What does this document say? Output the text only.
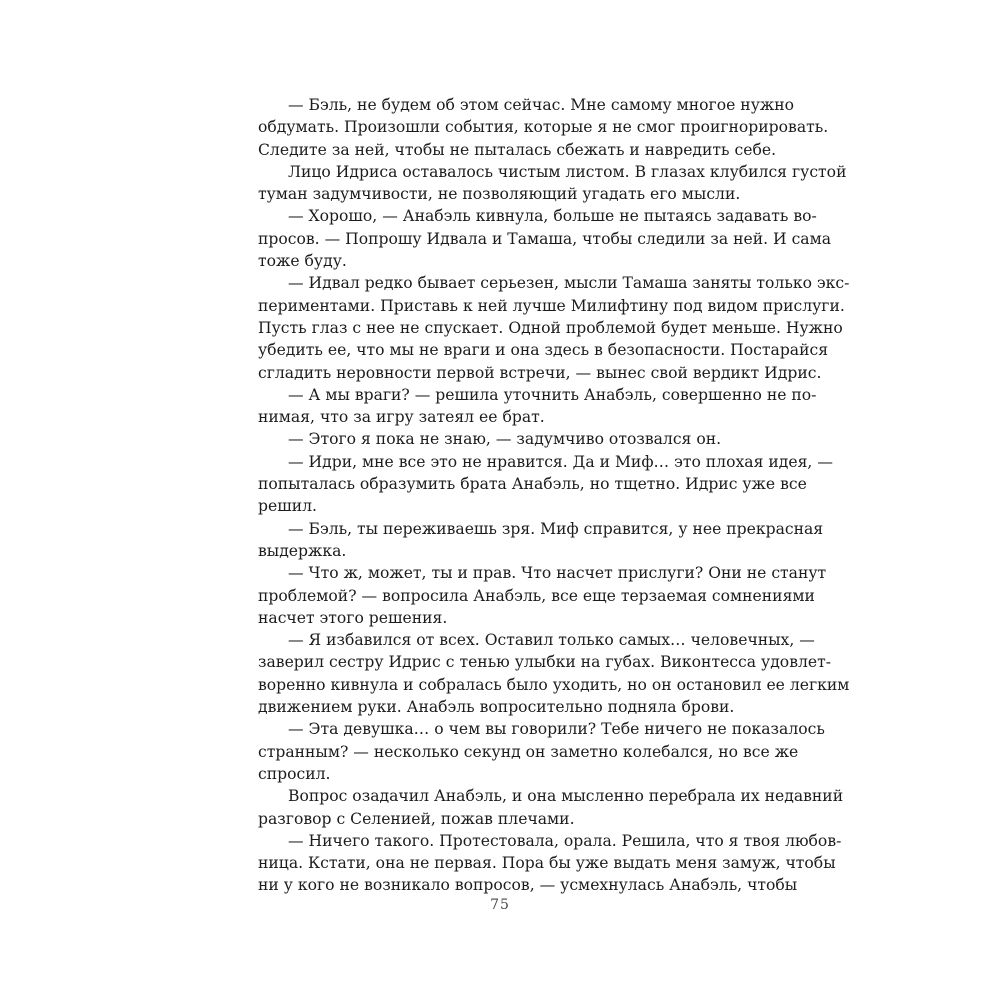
— Бэль, не будем об этом сейчас. Мне самому многое нужно
обдумать. Произошли события, которые я не смог проигнорировать.
Следите за ней, чтобы не пыталась сбежать и навредить себе.
Лицо Идриса оставалось чистым листом. В глазах клубился густой
туман задумчивости, не позволяющий угадать его мысли.
— Хорошо, — Анабэль кивнула, больше не пытаясь задавать во-
просов. — Попрошу Идвала и Тамаша, чтобы следили за ней. И сама
тоже буду.
— Идвал редко бывает серьезен, мысли Тамаша заняты только экс-
периментами. Приставь к ней лучше Милифтину под видом прислуги.
Пусть глаз с нее не спускает. Одной проблемой будет меньше. Нужно
убедить ее, что мы не враги и она здесь в безопасности. Постарайся
сгладить неровности первой встречи, — вынес свой вердикт Идрис.
— А мы враги? — решила уточнить Анабэль, совершенно не по-
нимая, что за игру затеял ее брат.
— Этого я пока не знаю, — задумчиво отозвался он.
— Идри, мне все это не нравится. Да и Миф… это плохая идея, —
попыталась образумить брата Анабэль, но тщетно. Идрис уже все
решил.
— Бэль, ты переживаешь зря. Миф справится, у нее прекрасная
выдержка.
— Что ж, может, ты и прав. Что насчет прислуги? Они не станут
проблемой? — вопросила Анабэль, все еще терзаемая сомнениями
насчет этого решения.
— Я избавился от всех. Оставил только самых… человечных, —
заверил сестру Идрис с тенью улыбки на губах. Виконтесса удовлет-
воренно кивнула и собралась было уходить, но он остановил ее легким
движением руки. Анабэль вопросительно подняла брови.
— Эта девушка… о чем вы говорили? Тебе ничего не показалось
странным? — несколько секунд он заметно колебался, но все же
спросил.
Вопрос озадачил Анабэль, и она мысленно перебрала их недавний
разговор с Селенией, пожав плечами.
— Ничего такого. Протестовала, орала. Решила, что я твоя любов-
ница. Кстати, она не первая. Пора бы уже выдать меня замуж, чтобы
ни у кого не возникало вопросов, — усмехнулась Анабэль, чтобы
75
